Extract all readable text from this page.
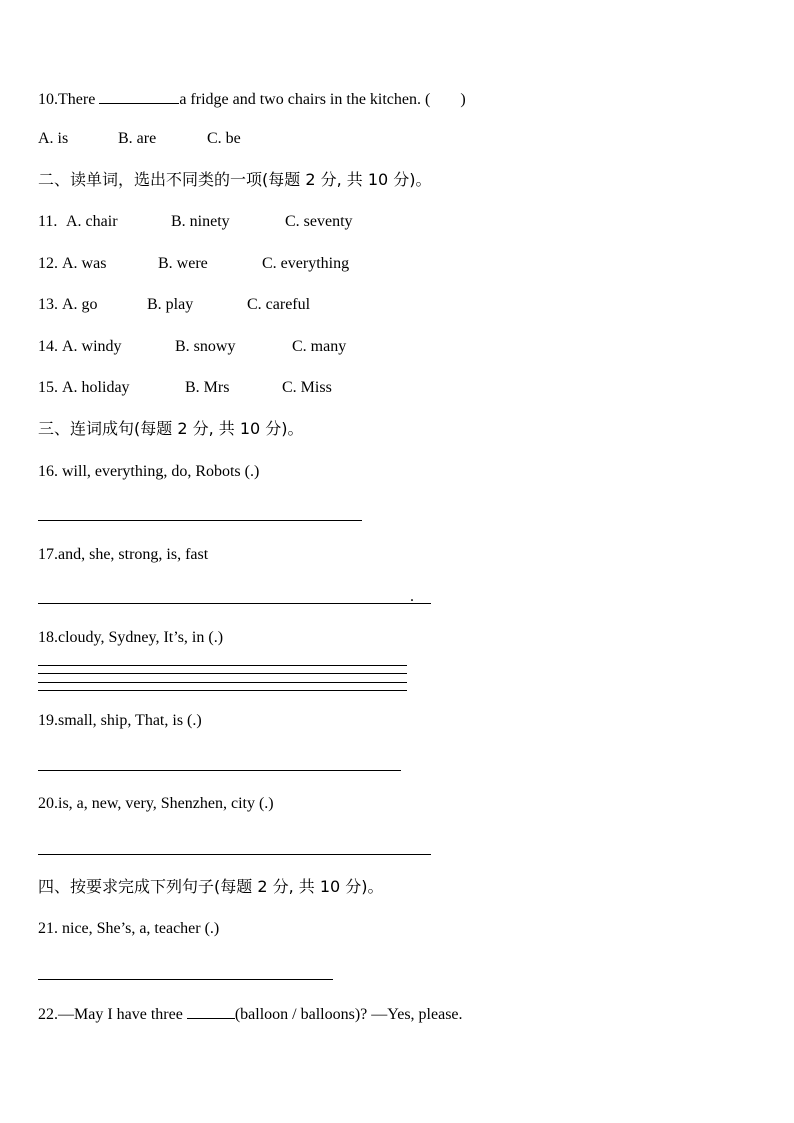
10.There	a fridge and two chairs in the kitchen. ( )
A. is	B. are	C. be
二、读单词，选出不同类的一项(每题 2 分, 共 10 分)。
11. A. chair	B. ninety	C. seventy
12. A. was	B. were	C. everything
13. A. go	B. play	C. careful
14. A. windy	B. snowy	C. many
15. A. holiday	B. Mrs	C. Miss
三、连词成句(每题 2 分, 共 10 分)。
16. will, everything, do, Robots (.)
17.and, she, strong, is, fast
.
18.cloudy, Sydney, It’s, in (.)
19.small, ship, That, is (.)
20.is, a, new, very, Shenzhen, city (.)
四、按要求完成下列句子(每题 2 分, 共 10 分)。
21. nice, She’s, a, teacher (.)
22.—May I have three	(balloon / balloons)? —Yes, please.
